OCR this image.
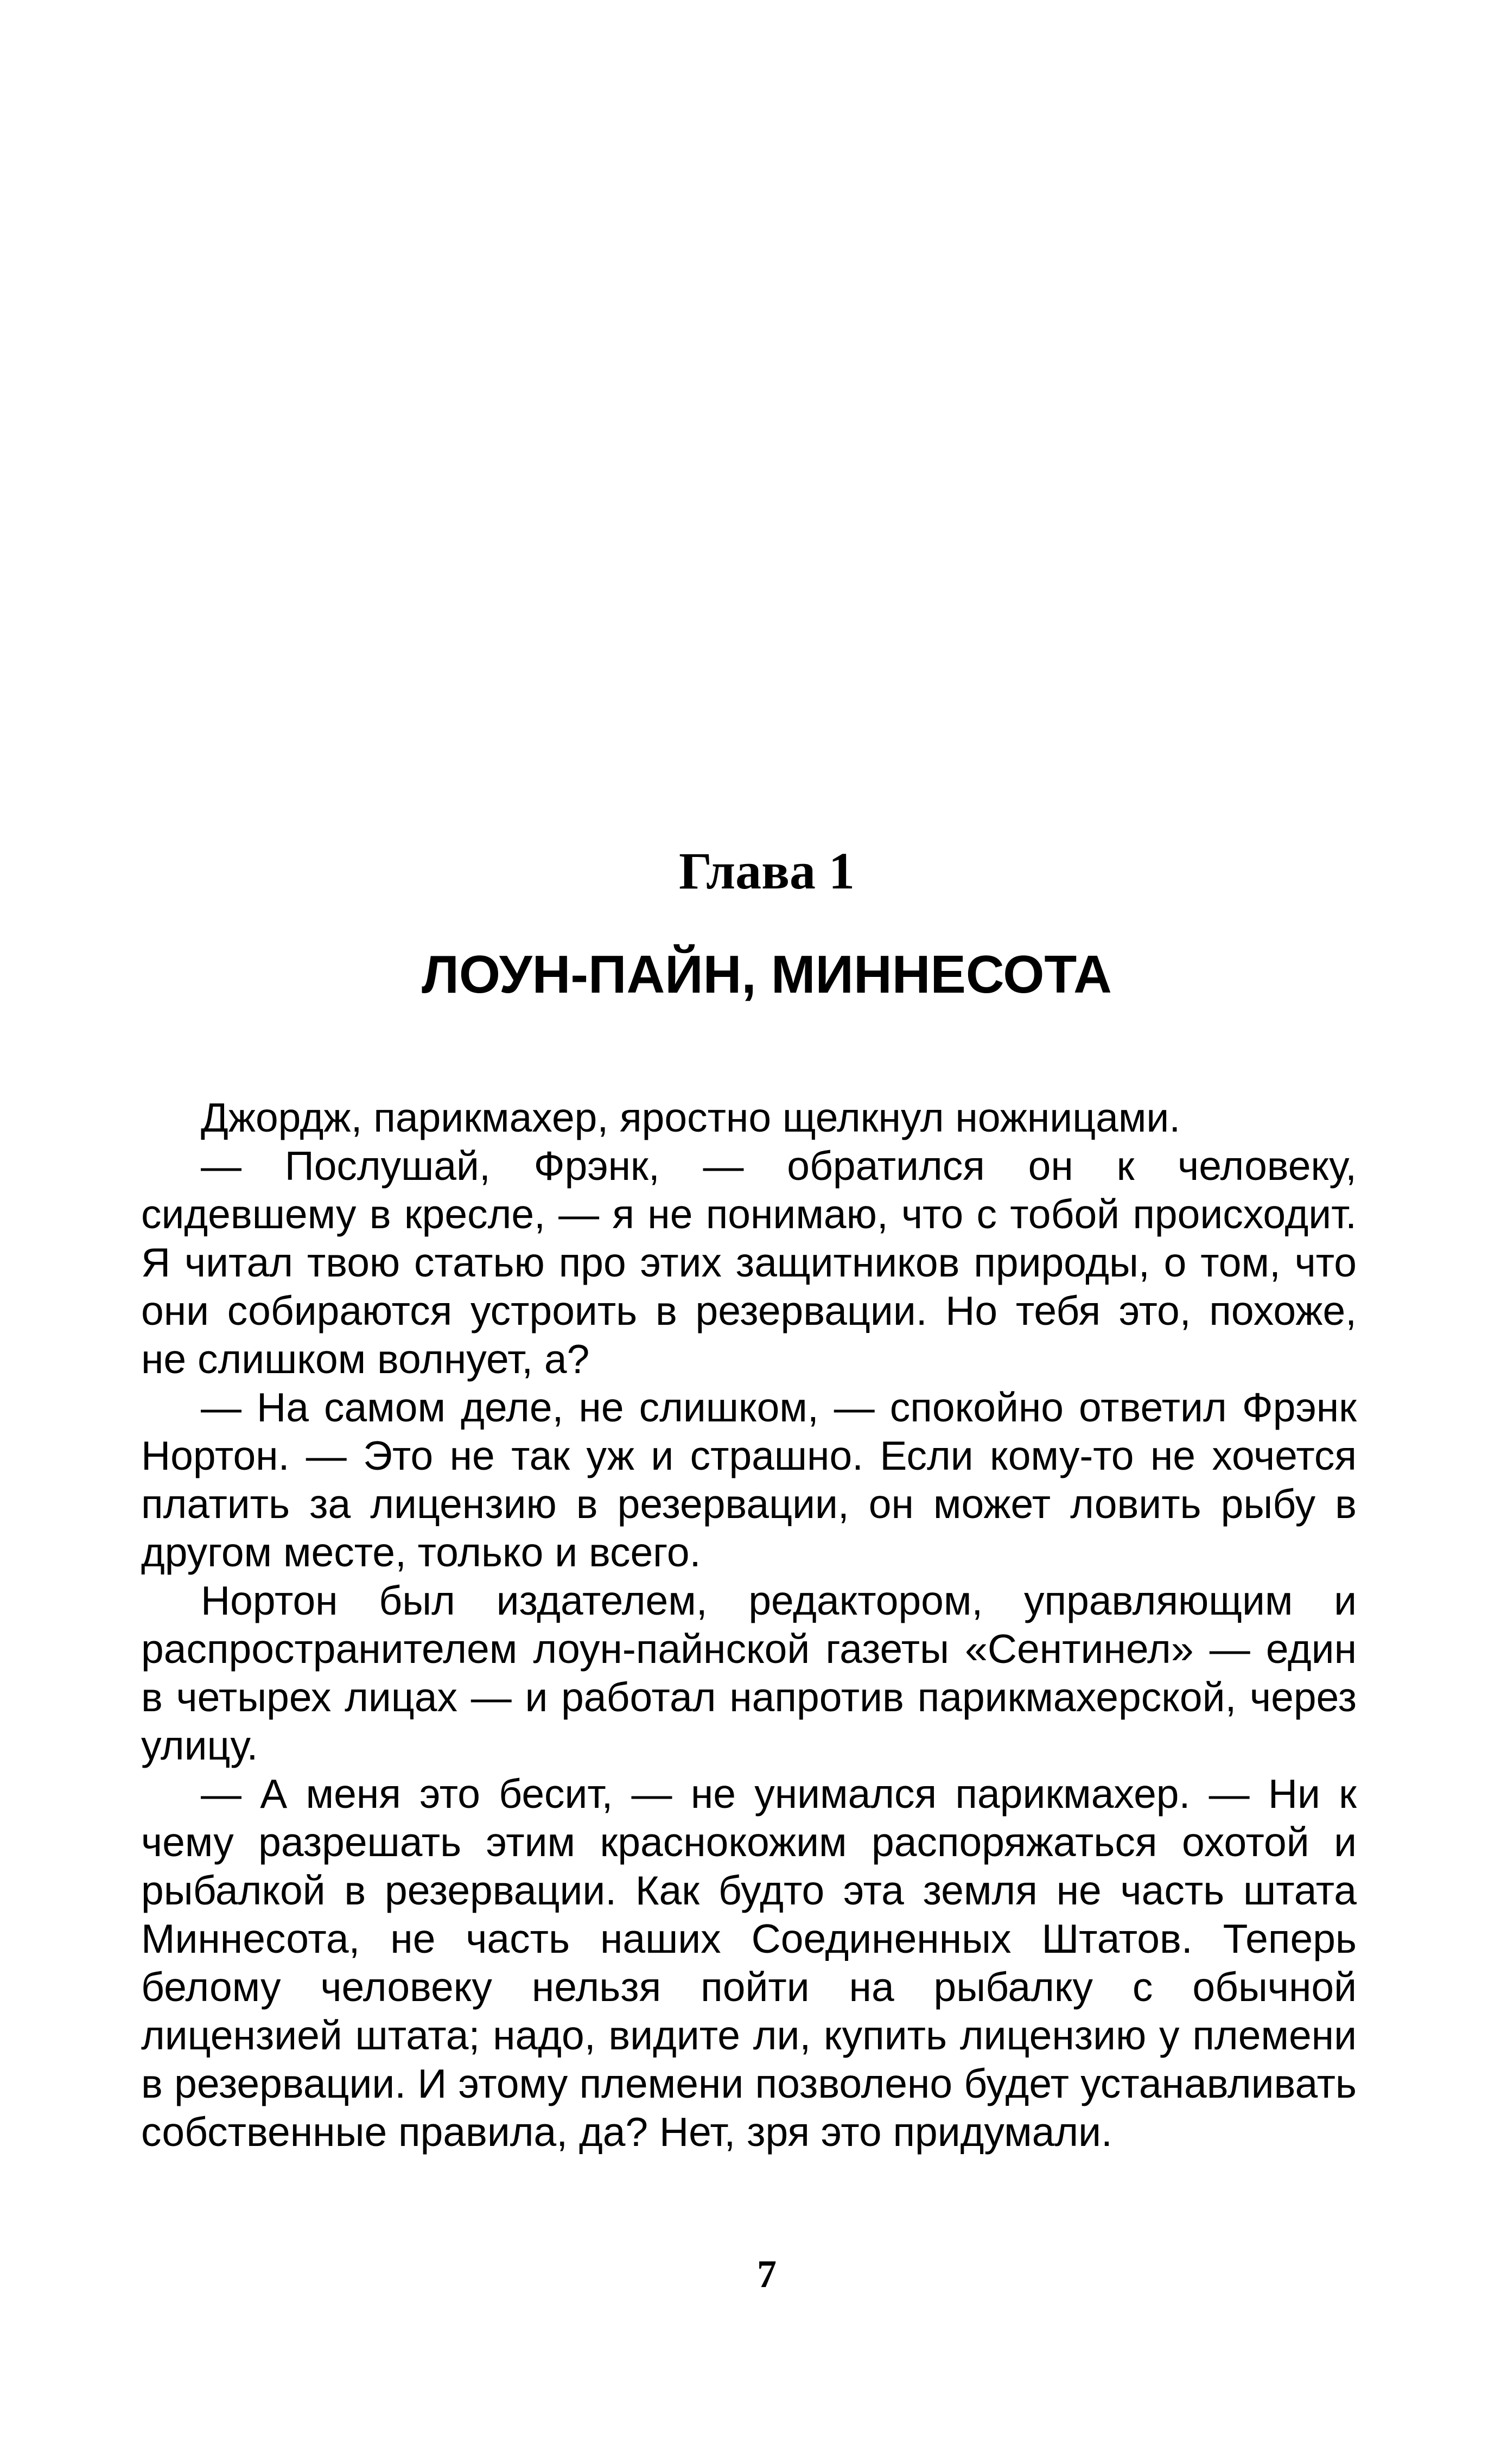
Глава 1
ЛОУН-ПАЙН, МИННЕСОТА

Джордж, парикмахер, яростно щелкнул ножницами.

— Послушай, Фрэнк, — обратился он к человеку, сидевшему в кресле, — я не понимаю, что с тобой происходит. Я читал твою статью про этих защитников природы, о том, что они собираются устроить в резервации. Но тебя это, похоже, не слишком волнует, а?

— На самом деле, не слишком, — спокойно ответил Фрэнк Нортон. — Это не так уж и страшно. Если кому-то не хочется платить за лицензию в резервации, он может ловить рыбу в другом месте, только и всего.

Нортон был издателем, редактором, управляющим и распространителем лоун-пайнской газеты «Сентинел» — един в четырех лицах — и работал напротив парикмахерской, через улицу.

— А меня это бесит, — не унимался парикмахер. — Ни к чему разрешать этим краснокожим распоряжаться охотой и рыбалкой в резервации. Как будто эта земля не часть штата Миннесота, не часть наших Соединенных Штатов. Теперь белому человеку нельзя пойти на рыбалку с обычной лицензией штата; надо, видите ли, купить лицензию у племени в резервации. И этому племени позволено будет устанавливать собственные правила, да? Нет, зря это придумали.

7
